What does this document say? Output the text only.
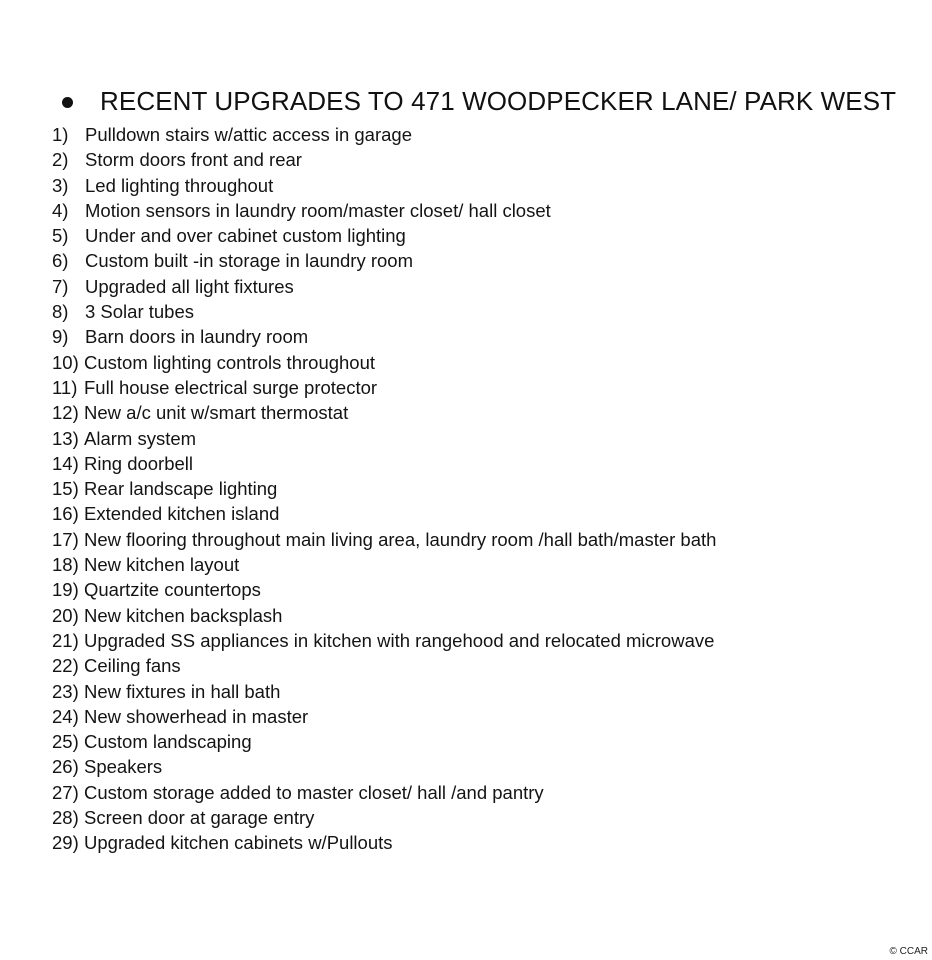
RECENT UPGRADES TO 471 WOODPECKER LANE/ PARK WEST
1) Pulldown stairs w/attic access in garage
2) Storm doors front and rear
3) Led lighting throughout
4) Motion sensors in laundry room/master closet/ hall closet
5) Under and over cabinet custom lighting
6) Custom built -in storage in laundry room
7) Upgraded all light fixtures
8) 3 Solar tubes
9) Barn doors in laundry room
10) Custom lighting controls throughout
11) Full house electrical surge protector
12) New a/c unit w/smart thermostat
13) Alarm system
14) Ring doorbell
15) Rear landscape lighting
16) Extended kitchen island
17) New flooring throughout main living area, laundry room /hall bath/master bath
18) New kitchen layout
19) Quartzite countertops
20) New kitchen backsplash
21) Upgraded SS appliances in kitchen with rangehood and relocated microwave
22) Ceiling fans
23) New fixtures in hall bath
24) New showerhead in master
25) Custom landscaping
26) Speakers
27) Custom storage added to master closet/ hall /and pantry
28) Screen door at garage entry
29) Upgraded kitchen cabinets w/Pullouts
© CCAR
